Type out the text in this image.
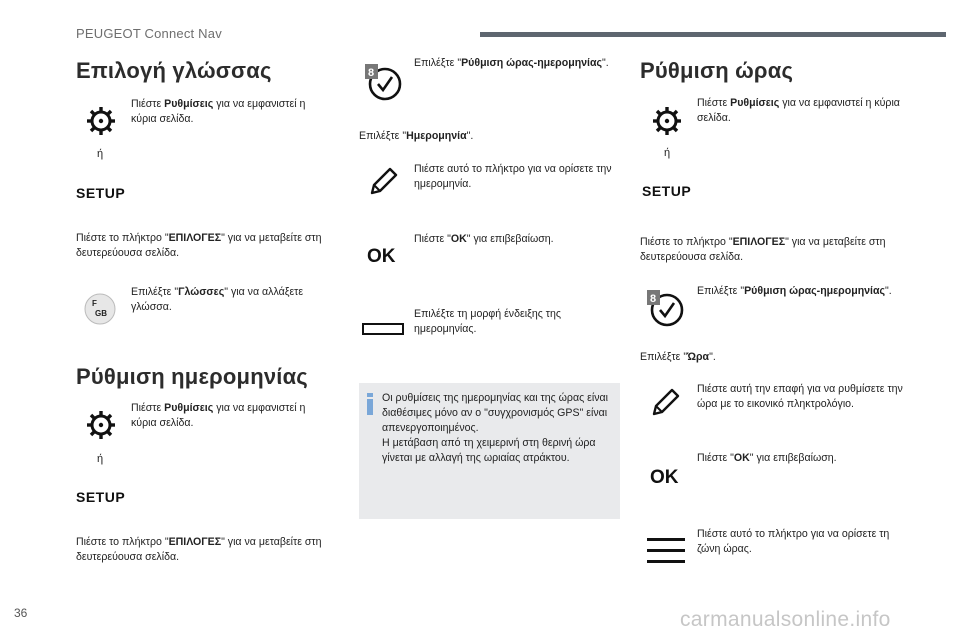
PEUGEOT Connect Nav
Επιλογή γλώσσας
Πιέστε Ρυθμίσεις για να εμφανιστεί η κύρια σελίδα.
ή
SETUP
Πιέστε το πλήκτρο "ΕΠΙΛΟΓΕΣ" για να μεταβείτε στη δευτερεύουσα σελίδα.
F
GB
Επιλέξτε "Γλώσσες" για να αλλάξετε γλώσσα.
Ρύθμιση ημερομηνίας
Πιέστε Ρυθμίσεις για να εμφανιστεί η κύρια σελίδα.
ή
SETUP
Πιέστε το πλήκτρο "ΕΠΙΛΟΓΕΣ" για να μεταβείτε στη δευτερεύουσα σελίδα.
8
Επιλέξτε "Ρύθμιση ώρας-ημερομηνίας".
Επιλέξτε "Ημερομηνία".
Πιέστε αυτό το πλήκτρο για να ορίσετε την ημερομηνία.
OK
Πιέστε "OK" για επιβεβαίωση.
Επιλέξτε τη μορφή ένδειξης της ημερομηνίας.
Οι ρυθμίσεις της ημερομηνίας και της ώρας είναι διαθέσιμες μόνο αν ο "συγχρονισμός GPS" είναι απενεργοποιημένος.
Η μετάβαση από τη χειμερινή στη θερινή ώρα γίνεται με αλλαγή της ωριαίας ατράκτου.
Ρύθμιση ώρας
Πιέστε Ρυθμίσεις για να εμφανιστεί η κύρια σελίδα.
ή
SETUP
Πιέστε το πλήκτρο "ΕΠΙΛΟΓΕΣ" για να μεταβείτε στη δευτερεύουσα σελίδα.
8
Επιλέξτε "Ρύθμιση ώρας-ημερομηνίας".
Επιλέξτε "Ώρα".
Πιέστε αυτή την επαφή για να ρυθμίσετε την ώρα με το εικονικό πληκτρολόγιο.
OK
Πιέστε "OK" για επιβεβαίωση.
Πιέστε αυτό το πλήκτρο για να ορίσετε τη ζώνη ώρας.
36	carmanualsonline.info
